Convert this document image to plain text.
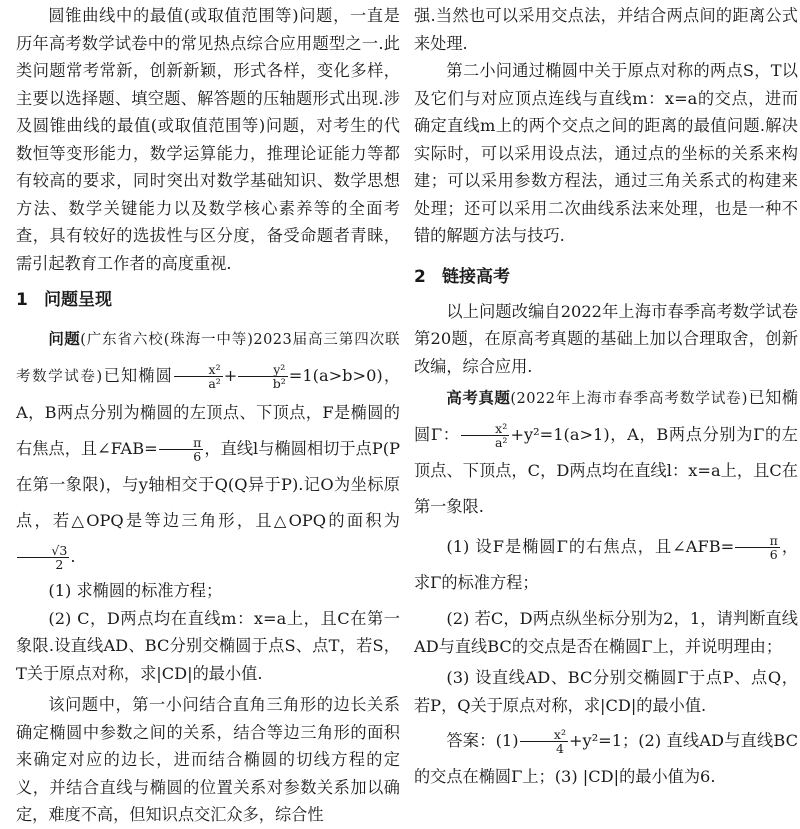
圆锥曲线中的最值(或取值范围等)问题，一直是历年高考数学试卷中的常见热点综合应用题型之一.此类问题常考常新，创新新颖，形式各样，变化多样，主要以选择题、填空题、解答题的压轴题形式出现.涉及圆锥曲线的最值(或取值范围等)问题，对考生的代数恒等变形能力，数学运算能力，推理论证能力等都有较高的要求，同时突出对数学基础知识、数学思想方法、数学关键能力以及数学核心素养等的全面考查，具有较好的选拔性与区分度，备受命题者青睐，需引起教育工作者的高度重视.

1 问题呈现

问题(广东省六校(珠海一中等)2023届高三第四次联考数学试卷)已知椭圆 $\frac{\text{x²}}{\text{a²}} + \frac{\text{y²}}{\text{b²}} =1(a>b>0)$，A，B两点分别为椭圆的左顶点、下顶点，F是椭圆的右焦点，且∠FAB= $\frac{\pi}{6}$ ，直线l与椭圆相切于点P(P在第一象限)，与y轴相交于Q(Q异于P).记O为坐标原点，若△OPQ是等边三角形，且△OPQ的面积为
$\frac{√3}{2}$ .

(1) 求椭圆的标准方程；

(2) C，D两点均在直线m：x=a上，且C在第一象限.设直线AD、BC分别交椭圆于点S、点T，若S，T关于原点对称，求|CD|的最小值.

该问题中，第一小问结合直角三角形的边长关系确定椭圆中参数之间的关系，结合等边三角形的面积来确定对应的边长，进而结合椭圆的切线方程的定义，并结合直线与椭圆的位置关系对参数关系加以确定，难度不高，但知识点交汇众多，综合性

强.当然也可以采用交点法，并结合两点间的距离公式来处理.

第二小问通过椭圆中关于原点对称的两点S，T以及它们与对应顶点连线与直线m：x=a的交点，进而确定直线m上的两个交点之间的距离的最值问题.解决实际时，可以采用设点法，通过点的坐标的关系来构建；可以采用参数方程法，通过三角关系式的构建来处理；还可以采用二次曲线系法来处理，也是一种不错的解题方法与技巧.

2 链接高考

以上问题改编自2022年上海市春季高考数学试卷第20题，在原高考真题的基础上加以合理取舍，创新改编，综合应用.

高考真题(2022年上海市春季高考数学试卷)已知椭圆Γ： $\frac{\text{x²}}{\text{a²}} +y^2=1(a>1)$，A，B两点分别为Γ的左顶点、下顶点，C，D两点均在直线l：x=a上，且C在第一象限.

(1) 设F是椭圆Γ的右焦点，且∠AFB= $\frac{\pi}{6}$ ，求Γ的标准方程；

(2) 若C，D两点纵坐标分别为2，1，请判断直线AD与直线BC的交点是否在椭圆Γ上，并说明理由；

(3) 设直线AD、BC分别交椭圆Γ于点P、点Q，若P，Q关于原点对称，求|CD|的最小值.

答案：$(1) \frac{\text{x²}}{4} +y^2=1$；(2) 直线AD与直线BC的交点在椭圆Γ上；(3) |CD|的最小值为6.
